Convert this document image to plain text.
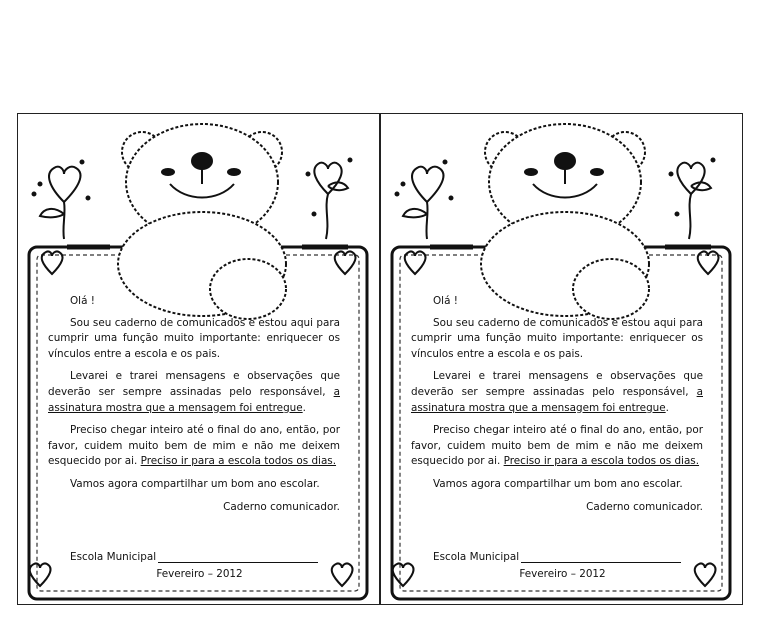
Olá !

Sou seu caderno de comunicados e estou aqui para cumprir uma função muito importante: enriquecer os vínculos entre a escola e os pais.

Levarei e trarei mensagens e observações que deverão ser sempre assinadas pelo responsável, a assinatura mostra que a mensagem foi entregue.

Preciso chegar inteiro até o final do ano, então, por favor, cuidem muito bem de mim e não me deixem esquecido por ai. Preciso ir para a escola todos os dias.

Vamos agora compartilhar um bom ano escolar.

Caderno comunicador.

Escola Municipal
Fevereiro – 2012

Olá !

Sou seu caderno de comunicados e estou aqui para cumprir uma função muito importante: enriquecer os vínculos entre a escola e os pais.

Levarei e trarei mensagens e observações que deverão ser sempre assinadas pelo responsável, a assinatura mostra que a mensagem foi entregue.

Preciso chegar inteiro até o final do ano, então, por favor, cuidem muito bem de mim e não me deixem esquecido por ai. Preciso ir para a escola todos os dias.

Vamos agora compartilhar um bom ano escolar.

Caderno comunicador.

Escola Municipal
Fevereiro – 2012
